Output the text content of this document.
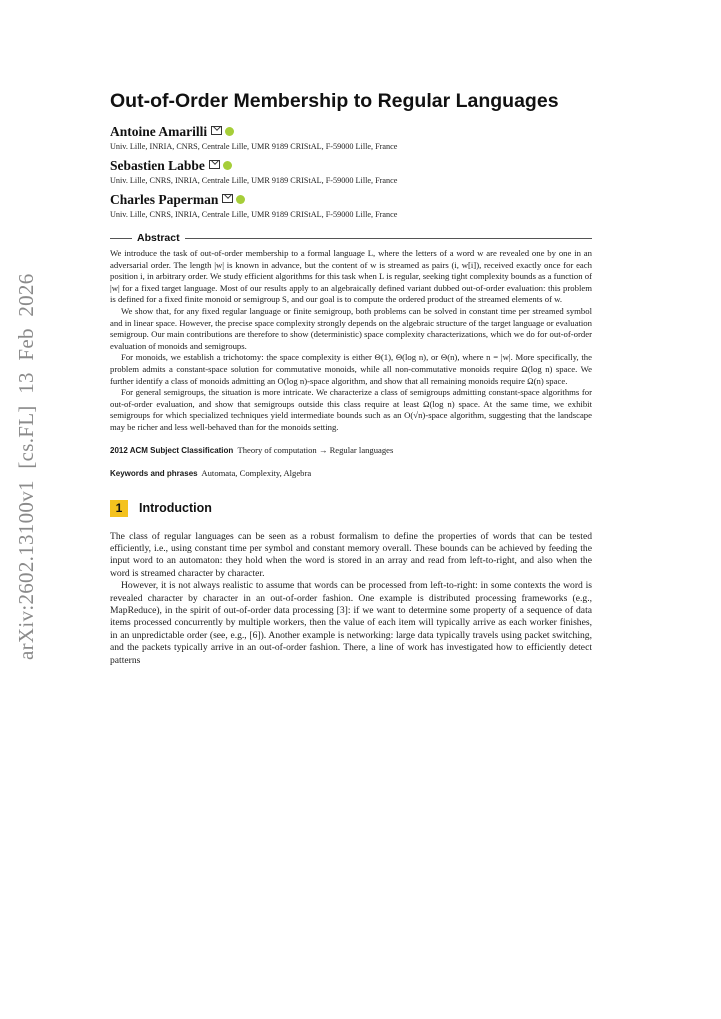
arXiv:2602.13100v1 [cs.FL] 13 Feb 2026
Out-of-Order Membership to Regular Languages
Antoine Amarilli
Univ. Lille, INRIA, CNRS, Centrale Lille, UMR 9189 CRIStAL, F-59000 Lille, France
Sebastien Labbe
Univ. Lille, CNRS, INRIA, Centrale Lille, UMR 9189 CRIStAL, F-59000 Lille, France
Charles Paperman
Univ. Lille, CNRS, INRIA, Centrale Lille, UMR 9189 CRIStAL, F-59000 Lille, France
Abstract

We introduce the task of out-of-order membership to a formal language L, where the letters of a word w are revealed one by one in an adversarial order. The length |w| is known in advance, but the content of w is streamed as pairs (i, w[i]), received exactly once for each position i, in arbitrary order. We study efficient algorithms for this task when L is regular, seeking tight complexity bounds as a function of |w| for a fixed target language. Most of our results apply to an algebraically defined variant dubbed out-of-order evaluation: this problem is defined for a fixed finite monoid or semigroup S, and our goal is to compute the ordered product of the streamed elements of w.

We show that, for any fixed regular language or finite semigroup, both problems can be solved in constant time per streamed symbol and in linear space. However, the precise space complexity strongly depends on the algebraic structure of the target language or evaluation semigroup. Our main contributions are therefore to show (deterministic) space complexity characterizations, which we do for out-of-order evaluation of monoids and semigroups.

For monoids, we establish a trichotomy: the space complexity is either Θ(1), Θ(log n), or Θ(n), where n = |w|. More specifically, the problem admits a constant-space solution for commutative monoids, while all non-commutative monoids require Ω(log n) space. We further identify a class of monoids admitting an O(log n)-space algorithm, and show that all remaining monoids require Ω(n) space.

For general semigroups, the situation is more intricate. We characterize a class of semigroups admitting constant-space algorithms for out-of-order evaluation, and show that semigroups outside this class require at least Ω(log n) space. At the same time, we exhibit semigroups for which specialized techniques yield intermediate bounds such as an O(√n)-space algorithm, suggesting that the landscape may be richer and less well-behaved than for the monoids setting.

2012 ACM Subject Classification Theory of computation → Regular languages
Keywords and phrases Automata, Complexity, Algebra
1	Introduction

The class of regular languages can be seen as a robust formalism to define the properties of words that can be tested efficiently, i.e., using constant time per symbol and constant memory overall. These bounds can be achieved by feeding the input word to an automaton: they hold when the word is stored in an array and read from left-to-right, and also when the word is streamed character by character.

However, it is not always realistic to assume that words can be processed from left-to-right: in some contexts the word is revealed character by character in an out-of-order fashion. One example is distributed processing frameworks (e.g., MapReduce), in the spirit of out-of-order data processing [3]: if we want to determine some property of a sequence of data items processed concurrently by multiple workers, then the value of each item will typically arrive as each worker finishes, in an unpredictable order (see, e.g., [6]). Another example is networking: large data typically travels using packet switching, and the packets typically arrive in an out-of-order fashion. There, a line of work has investigated how to efficiently detect patterns
